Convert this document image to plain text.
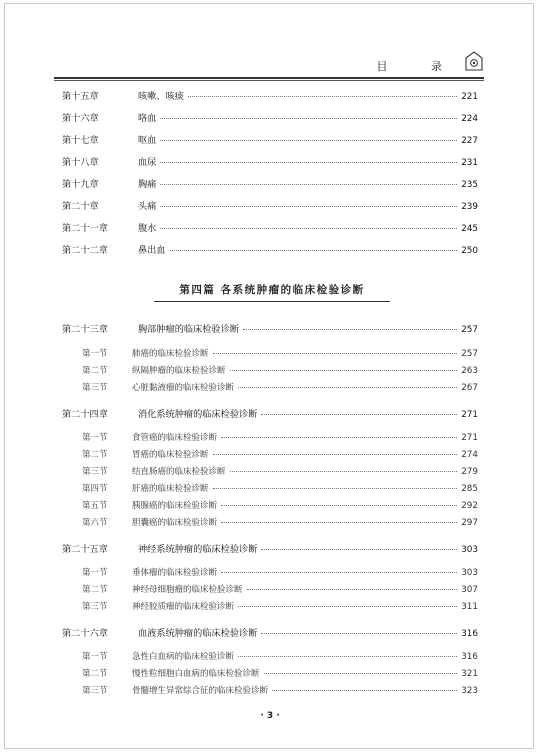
目 录
第十五章	咳嗽、咳痰	221
第十六章	咯血	224
第十七章	呕血	227
第十八章	血尿	231
第十九章	胸痛	235
第二十章	头痛	239
第二十一章	腹水	245
第二十二章	鼻出血	250
第四篇 各系统肿瘤的临床检验诊断
第二十三章	胸部肿瘤的临床检验诊断	257
第一节	肺癌的临床检验诊断	257
第二节	纵隔肿瘤的临床检验诊断	263
第三节	心脏黏液瘤的临床检验诊断	267
第二十四章	消化系统肿瘤的临床检验诊断	271
第一节	食管癌的临床检验诊断	271
第二节	胃癌的临床检验诊断	274
第三节	结直肠癌的临床检验诊断	279
第四节	肝癌的临床检验诊断	285
第五节	胰腺癌的临床检验诊断	292
第六节	胆囊癌的临床检验诊断	297
第二十五章	神经系统肿瘤的临床检验诊断	303
第一节	垂体瘤的临床检验诊断	303
第二节	神经母细胞瘤的临床检验诊断	307
第三节	神经胶质瘤的临床检验诊断	311
第二十六章	血液系统肿瘤的临床检验诊断	316
第一节	急性白血病的临床检验诊断	316
第二节	慢性粒细胞白血病的临床检验诊断	321
第三节	骨髓增生异常综合征的临床检验诊断	323
· 3 ·
